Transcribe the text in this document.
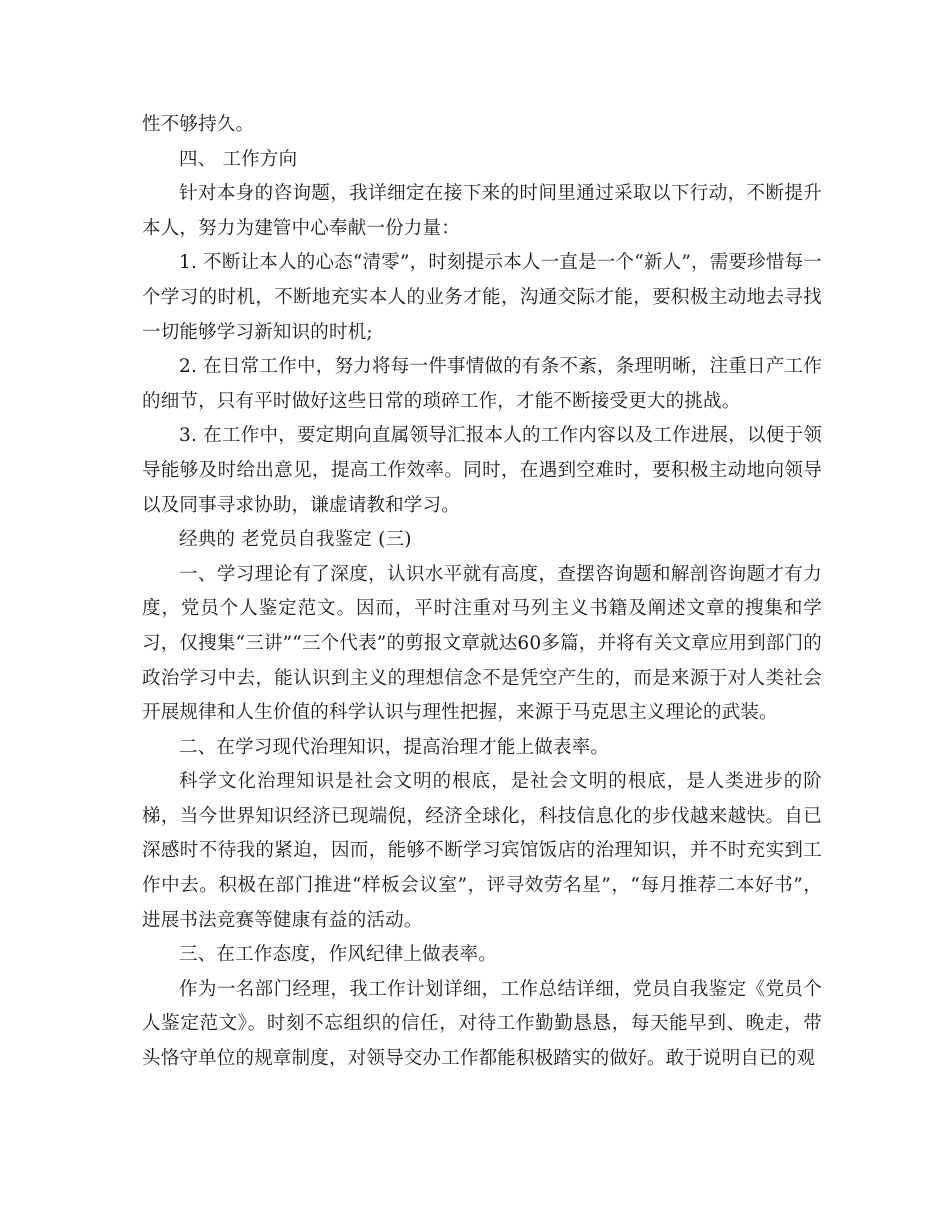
性不够持久。

四、 工作方向

针对本身的咨询题，我详细定在接下来的时间里通过采取以下行动，不断提升本人，努力为建管中心奉献一份力量：

1. 不断让本人的心态“清零”，时刻提示本人一直是一个“新人”，需要珍惜每一个学习的时机，不断地充实本人的业务才能，沟通交际才能，要积极主动地去寻找一切能够学习新知识的时机;

2. 在日常工作中，努力将每一件事情做的有条不紊，条理明晰，注重日产工作的细节，只有平时做好这些日常的琐碎工作，才能不断接受更大的挑战。

3. 在工作中，要定期向直属领导汇报本人的工作内容以及工作进展，以便于领导能够及时给出意见，提高工作效率。同时，在遇到空难时，要积极主动地向领导以及同事寻求协助，谦虚请教和学习。

经典的 老党员自我鉴定 (三)

一、学习理论有了深度，认识水平就有高度，查摆咨询题和解剖咨询题才有力度，党员个人鉴定范文。因而，平时注重对马列主义书籍及阐述文章的搜集和学习，仅搜集“三讲”“三个代表”的剪报文章就达60多篇，并将有关文章应用到部门的政治学习中去，能认识到主义的理想信念不是凭空产生的，而是来源于对人类社会开展规律和人生价值的科学认识与理性把握，来源于马克思主义理论的武装。

二、在学习现代治理知识，提高治理才能上做表率。

科学文化治理知识是社会文明的根底，是社会文明的根底，是人类进步的阶梯，当今世界知识经济已现端倪，经济全球化，科技信息化的步伐越来越快。自已深感时不待我的紧迫，因而，能够不断学习宾馆饭店的治理知识，并不时充实到工作中去。积极在部门推进“样板会议室”，评寻效劳名星”，“每月推荐二本好书”，进展书法竞赛等健康有益的活动。

三、在工作态度，作风纪律上做表率。

作为一名部门经理，我工作计划详细，工作总结详细，党员自我鉴定《党员个人鉴定范文》。时刻不忘组织的信任，对待工作勤勤恳恳，每天能早到、晚走，带头恪守单位的规章制度，对领导交办工作都能积极踏实的做好。敢于说明自已的观
